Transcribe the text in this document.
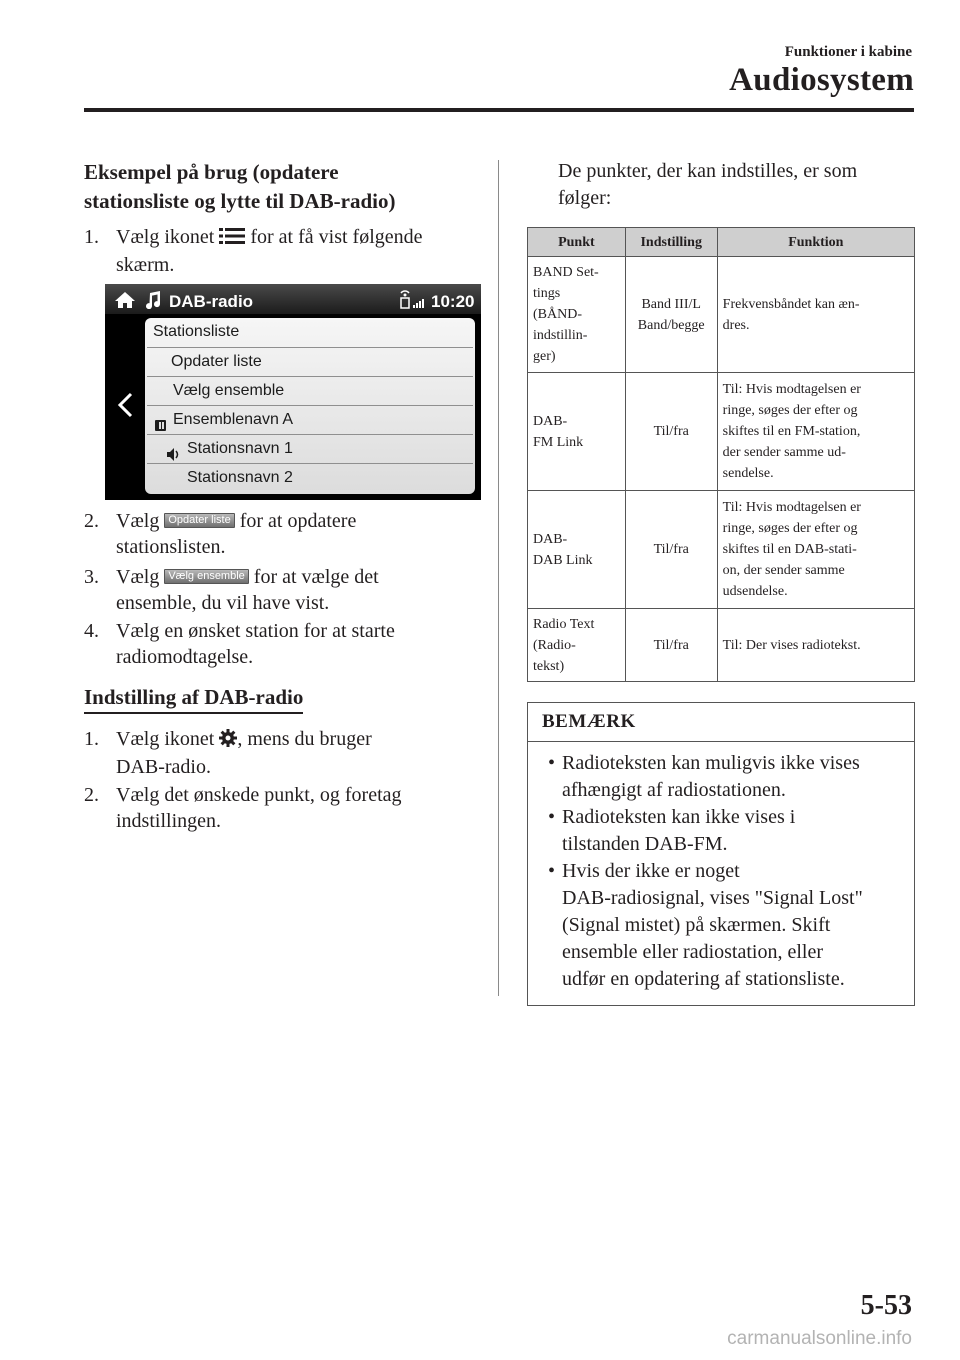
Funktioner i kabine
Audiosystem
Eksempel på brug (opdatere
stationsliste og lytte til DAB-radio)
1. Vælg ikonet for at få vist følgende
skærm.
DAB-radio	10:20
Stationsliste
Opdater liste
Vælg ensemble
Ensemblenavn A
Stationsnavn 1
Stationsnavn 2
2. Vælg Opdater liste for at opdatere
stationslisten.
3. Vælg Vælg ensemble for at vælge det
ensemble, du vil have vist.
4. Vælg en ønsket station for at starte
radiomodtagelse.
Indstilling af DAB-radio
1. Vælg ikonet , mens du bruger
DAB-radio.
2. Vælg det ønskede punkt, og foretag
indstillingen.
De punkter, der kan indstilles, er som
følger:
Punkt	Indstilling	Funktion
BAND Set-
tings
(BÅND-
indstillin-
ger)	Band III/L
Band/begge	Frekvensbåndet kan æn-
dres.
DAB-
FM Link	Til/fra	Til: Hvis modtagelsen er
ringe, søges der efter og
skiftes til en FM-station,
der sender samme ud-
sendelse.
DAB-
DAB Link	Til/fra	Til: Hvis modtagelsen er
ringe, søges der efter og
skiftes til en DAB-stati-
on, der sender samme
udsendelse.
Radio Text
(Radio-
tekst)	Til/fra	Til: Der vises radiotekst.
BEMÆRK
• Radioteksten kan muligvis ikke vises
afhængigt af radiostationen.
• Radioteksten kan ikke vises i
tilstanden DAB-FM.
• Hvis der ikke er noget
DAB-radiosignal, vises "Signal Lost"
(Signal mistet) på skærmen. Skift
ensemble eller radiostation, eller
udfør en opdatering af stationsliste.
5-53
carmanualsonline.info
